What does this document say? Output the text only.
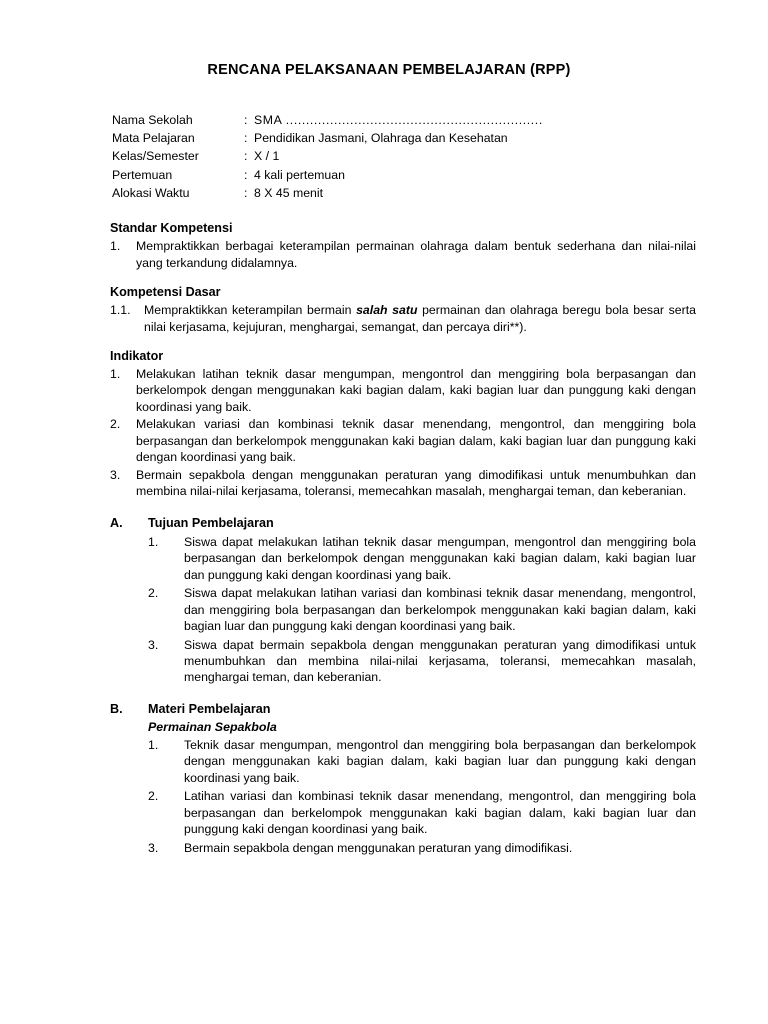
RENCANA PELAKSANAAN PEMBELAJARAN (RPP)
Nama Sekolah	:	SMA ................................................................
Mata Pelajaran	:	Pendidikan Jasmani, Olahraga dan Kesehatan
Kelas/Semester	:	X / 1
Pertemuan	:	4 kali pertemuan
Alokasi Waktu	:	8 X 45 menit
Standar Kompetensi
1.	Mempraktikkan berbagai keterampilan permainan olahraga dalam bentuk sederhana dan nilai-nilai yang terkandung didalamnya.
Kompetensi Dasar
1.1.	Mempraktikkan keterampilan bermain salah satu permainan dan olahraga beregu bola besar serta nilai kerjasama, kejujuran, menghargai, semangat, dan percaya diri**).
Indikator
1.	Melakukan latihan teknik dasar mengumpan, mengontrol dan menggiring bola berpasangan dan berkelompok dengan menggunakan kaki bagian dalam, kaki bagian luar dan punggung kaki dengan koordinasi yang baik.
2.	Melakukan variasi dan kombinasi teknik dasar menendang, mengontrol, dan menggiring bola berpasangan dan berkelompok menggunakan kaki bagian dalam, kaki bagian luar dan punggung kaki dengan koordinasi yang baik.
3.	Bermain sepakbola dengan menggunakan peraturan yang dimodifikasi untuk menumbuhkan dan membina nilai-nilai kerjasama, toleransi, memecahkan masalah, menghargai teman, dan keberanian.
A.	Tujuan Pembelajaran
1.	Siswa dapat melakukan latihan teknik dasar mengumpan, mengontrol dan menggiring bola berpasangan dan berkelompok dengan menggunakan kaki bagian dalam, kaki bagian luar dan punggung kaki dengan koordinasi yang baik.
2.	Siswa dapat melakukan latihan variasi dan kombinasi teknik dasar menendang, mengontrol, dan menggiring bola berpasangan dan berkelompok menggunakan kaki bagian dalam, kaki bagian luar dan punggung kaki dengan koordinasi yang baik.
3.	Siswa dapat bermain sepakbola dengan menggunakan peraturan yang dimodifikasi untuk menumbuhkan dan membina nilai-nilai kerjasama, toleransi, memecahkan masalah, menghargai teman, dan keberanian.
B.	Materi Pembelajaran
Permainan Sepakbola
1.	Teknik dasar mengumpan, mengontrol dan menggiring bola berpasangan dan berkelompok dengan menggunakan kaki bagian dalam, kaki bagian luar dan punggung kaki dengan koordinasi yang baik.
2.	Latihan variasi dan kombinasi teknik dasar menendang, mengontrol, dan menggiring bola berpasangan dan berkelompok menggunakan kaki bagian dalam, kaki bagian luar dan punggung kaki dengan koordinasi yang baik.
3.	Bermain sepakbola dengan menggunakan peraturan yang dimodifikasi.
